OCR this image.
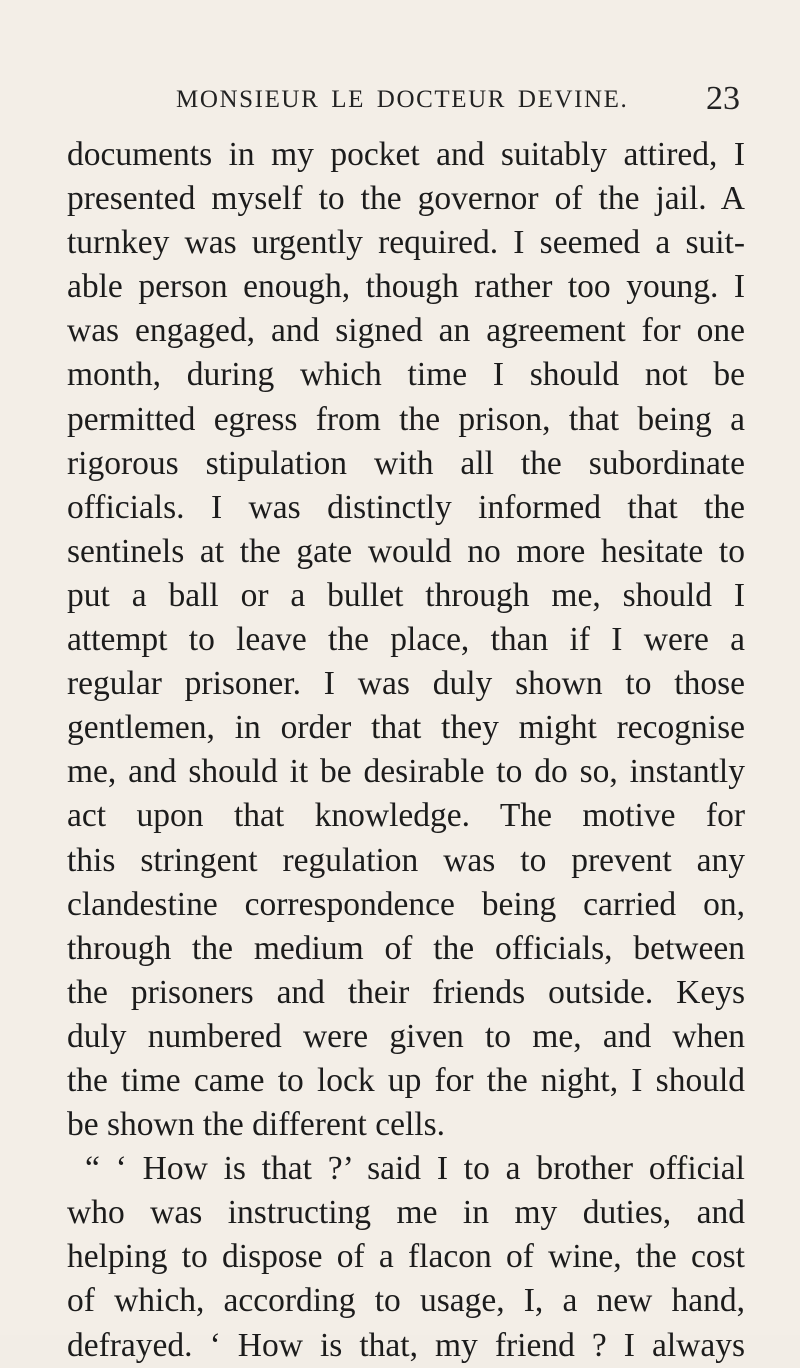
MONSIEUR LE DOCTEUR DEVINE. 23
documents in my pocket and suitably attired, I
presented myself to the governor of the jail. A
turnkey was urgently required. I seemed a suit-
able person enough, though rather too young. I
was engaged, and signed an agreement for one
month, during which time I should not be
permitted egress from the prison, that being a
rigorous stipulation with all the subordinate
officials. I was distinctly informed that the
sentinels at the gate would no more hesitate to
put a ball or a bullet through me, should I
attempt to leave the place, than if I were a
regular prisoner. I was duly shown to those
gentlemen, in order that they might recognise
me, and should it be desirable to do so, instantly
act upon that knowledge. The motive for
this stringent regulation was to prevent any
clandestine correspondence being carried on,
through the medium of the officials, between
the prisoners and their friends outside. Keys
duly numbered were given to me, and when
the time came to lock up for the night, I should
be shown the different cells.
“ ‘ How is that ?’ said I to a brother official
who was instructing me in my duties, and
helping to dispose of a flacon of wine, the cost
of which, according to usage, I, a new hand,
defrayed. ‘ How is that, my friend ? I always
